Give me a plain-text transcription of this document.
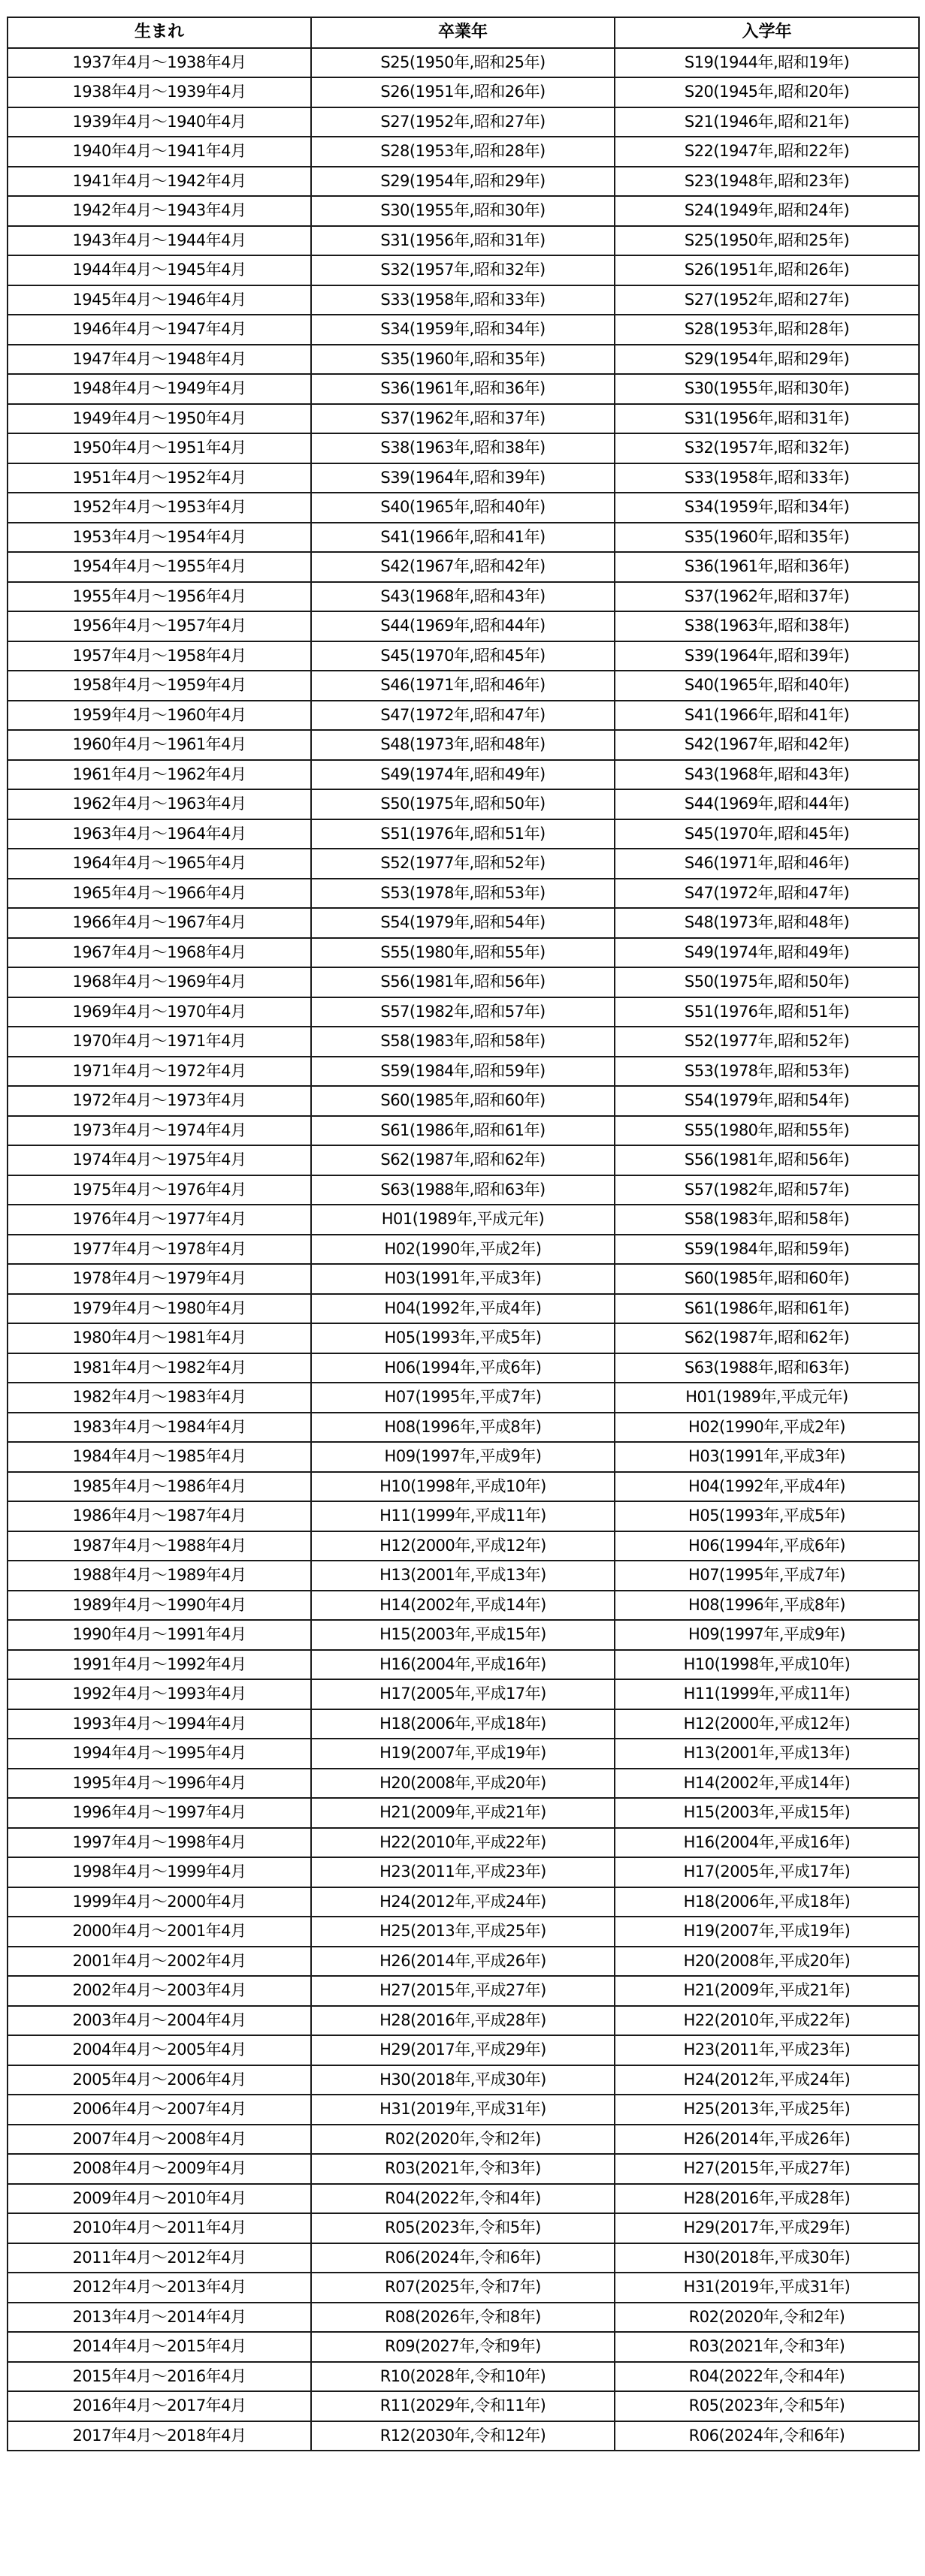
生まれ	卒業年	入学年
1937年4月～1938年4月	S25(1950年,昭和25年)	S19(1944年,昭和19年)
1938年4月～1939年4月	S26(1951年,昭和26年)	S20(1945年,昭和20年)
1939年4月～1940年4月	S27(1952年,昭和27年)	S21(1946年,昭和21年)
1940年4月～1941年4月	S28(1953年,昭和28年)	S22(1947年,昭和22年)
1941年4月～1942年4月	S29(1954年,昭和29年)	S23(1948年,昭和23年)
1942年4月～1943年4月	S30(1955年,昭和30年)	S24(1949年,昭和24年)
1943年4月～1944年4月	S31(1956年,昭和31年)	S25(1950年,昭和25年)
1944年4月～1945年4月	S32(1957年,昭和32年)	S26(1951年,昭和26年)
1945年4月～1946年4月	S33(1958年,昭和33年)	S27(1952年,昭和27年)
1946年4月～1947年4月	S34(1959年,昭和34年)	S28(1953年,昭和28年)
1947年4月～1948年4月	S35(1960年,昭和35年)	S29(1954年,昭和29年)
1948年4月～1949年4月	S36(1961年,昭和36年)	S30(1955年,昭和30年)
1949年4月～1950年4月	S37(1962年,昭和37年)	S31(1956年,昭和31年)
1950年4月～1951年4月	S38(1963年,昭和38年)	S32(1957年,昭和32年)
1951年4月～1952年4月	S39(1964年,昭和39年)	S33(1958年,昭和33年)
1952年4月～1953年4月	S40(1965年,昭和40年)	S34(1959年,昭和34年)
1953年4月～1954年4月	S41(1966年,昭和41年)	S35(1960年,昭和35年)
1954年4月～1955年4月	S42(1967年,昭和42年)	S36(1961年,昭和36年)
1955年4月～1956年4月	S43(1968年,昭和43年)	S37(1962年,昭和37年)
1956年4月～1957年4月	S44(1969年,昭和44年)	S38(1963年,昭和38年)
1957年4月～1958年4月	S45(1970年,昭和45年)	S39(1964年,昭和39年)
1958年4月～1959年4月	S46(1971年,昭和46年)	S40(1965年,昭和40年)
1959年4月～1960年4月	S47(1972年,昭和47年)	S41(1966年,昭和41年)
1960年4月～1961年4月	S48(1973年,昭和48年)	S42(1967年,昭和42年)
1961年4月～1962年4月	S49(1974年,昭和49年)	S43(1968年,昭和43年)
1962年4月～1963年4月	S50(1975年,昭和50年)	S44(1969年,昭和44年)
1963年4月～1964年4月	S51(1976年,昭和51年)	S45(1970年,昭和45年)
1964年4月～1965年4月	S52(1977年,昭和52年)	S46(1971年,昭和46年)
1965年4月～1966年4月	S53(1978年,昭和53年)	S47(1972年,昭和47年)
1966年4月～1967年4月	S54(1979年,昭和54年)	S48(1973年,昭和48年)
1967年4月～1968年4月	S55(1980年,昭和55年)	S49(1974年,昭和49年)
1968年4月～1969年4月	S56(1981年,昭和56年)	S50(1975年,昭和50年)
1969年4月～1970年4月	S57(1982年,昭和57年)	S51(1976年,昭和51年)
1970年4月～1971年4月	S58(1983年,昭和58年)	S52(1977年,昭和52年)
1971年4月～1972年4月	S59(1984年,昭和59年)	S53(1978年,昭和53年)
1972年4月～1973年4月	S60(1985年,昭和60年)	S54(1979年,昭和54年)
1973年4月～1974年4月	S61(1986年,昭和61年)	S55(1980年,昭和55年)
1974年4月～1975年4月	S62(1987年,昭和62年)	S56(1981年,昭和56年)
1975年4月～1976年4月	S63(1988年,昭和63年)	S57(1982年,昭和57年)
1976年4月～1977年4月	H01(1989年,平成元年)	S58(1983年,昭和58年)
1977年4月～1978年4月	H02(1990年,平成2年)	S59(1984年,昭和59年)
1978年4月～1979年4月	H03(1991年,平成3年)	S60(1985年,昭和60年)
1979年4月～1980年4月	H04(1992年,平成4年)	S61(1986年,昭和61年)
1980年4月～1981年4月	H05(1993年,平成5年)	S62(1987年,昭和62年)
1981年4月～1982年4月	H06(1994年,平成6年)	S63(1988年,昭和63年)
1982年4月～1983年4月	H07(1995年,平成7年)	H01(1989年,平成元年)
1983年4月～1984年4月	H08(1996年,平成8年)	H02(1990年,平成2年)
1984年4月～1985年4月	H09(1997年,平成9年)	H03(1991年,平成3年)
1985年4月～1986年4月	H10(1998年,平成10年)	H04(1992年,平成4年)
1986年4月～1987年4月	H11(1999年,平成11年)	H05(1993年,平成5年)
1987年4月～1988年4月	H12(2000年,平成12年)	H06(1994年,平成6年)
1988年4月～1989年4月	H13(2001年,平成13年)	H07(1995年,平成7年)
1989年4月～1990年4月	H14(2002年,平成14年)	H08(1996年,平成8年)
1990年4月～1991年4月	H15(2003年,平成15年)	H09(1997年,平成9年)
1991年4月～1992年4月	H16(2004年,平成16年)	H10(1998年,平成10年)
1992年4月～1993年4月	H17(2005年,平成17年)	H11(1999年,平成11年)
1993年4月～1994年4月	H18(2006年,平成18年)	H12(2000年,平成12年)
1994年4月～1995年4月	H19(2007年,平成19年)	H13(2001年,平成13年)
1995年4月～1996年4月	H20(2008年,平成20年)	H14(2002年,平成14年)
1996年4月～1997年4月	H21(2009年,平成21年)	H15(2003年,平成15年)
1997年4月～1998年4月	H22(2010年,平成22年)	H16(2004年,平成16年)
1998年4月～1999年4月	H23(2011年,平成23年)	H17(2005年,平成17年)
1999年4月～2000年4月	H24(2012年,平成24年)	H18(2006年,平成18年)
2000年4月～2001年4月	H25(2013年,平成25年)	H19(2007年,平成19年)
2001年4月～2002年4月	H26(2014年,平成26年)	H20(2008年,平成20年)
2002年4月～2003年4月	H27(2015年,平成27年)	H21(2009年,平成21年)
2003年4月～2004年4月	H28(2016年,平成28年)	H22(2010年,平成22年)
2004年4月～2005年4月	H29(2017年,平成29年)	H23(2011年,平成23年)
2005年4月～2006年4月	H30(2018年,平成30年)	H24(2012年,平成24年)
2006年4月～2007年4月	H31(2019年,平成31年)	H25(2013年,平成25年)
2007年4月～2008年4月	R02(2020年,令和2年)	H26(2014年,平成26年)
2008年4月～2009年4月	R03(2021年,令和3年)	H27(2015年,平成27年)
2009年4月～2010年4月	R04(2022年,令和4年)	H28(2016年,平成28年)
2010年4月～2011年4月	R05(2023年,令和5年)	H29(2017年,平成29年)
2011年4月～2012年4月	R06(2024年,令和6年)	H30(2018年,平成30年)
2012年4月～2013年4月	R07(2025年,令和7年)	H31(2019年,平成31年)
2013年4月～2014年4月	R08(2026年,令和8年)	R02(2020年,令和2年)
2014年4月～2015年4月	R09(2027年,令和9年)	R03(2021年,令和3年)
2015年4月～2016年4月	R10(2028年,令和10年)	R04(2022年,令和4年)
2016年4月～2017年4月	R11(2029年,令和11年)	R05(2023年,令和5年)
2017年4月～2018年4月	R12(2030年,令和12年)	R06(2024年,令和6年)
